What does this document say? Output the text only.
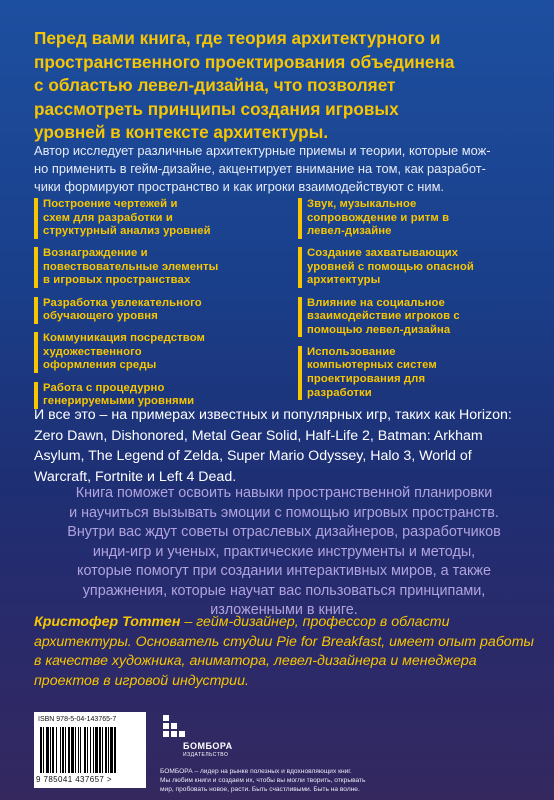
Перед вами книга, где теория архитектурного и
пространственного проектирования объединена
с областью левел-дизайна, что позволяет
рассмотреть принципы создания игровых
уровней в контексте архитектуры.
Автор исследует различные архитектурные приемы и теории, которые мож-
но применить в гейм-дизайне, акцентирует внимание на том, как разработ-
чики формируют пространство и как игроки взаимодействуют с ним.
Построение чертежей и
схем для разработки и
структурный анализ уровней
Вознаграждение и
повествовательные элементы
в игровых пространствах
Разработка увлекательного
обучающего уровня
Коммуникация посредством
художественного
оформления среды
Работа с процедурно
генерируемыми уровнями
Звук, музыкальное
сопровождение и ритм в
левел-дизайне
Создание захватывающих
уровней с помощью опасной
архитектуры
Влияние на социальное
взаимодействие игроков с
помощью левел-дизайна
Использование
компьютерных систем
проектирования для
разработки
И все это – на примерах известных и популярных игр, таких как Horizon:
Zero Dawn, Dishonored, Metal Gear Solid, Half-Life 2, Batman: Arkham
Asylum, The Legend of Zelda, Super Mario Odyssey, Halo 3, World of
Warcraft, Fortnite и Left 4 Dead.
Книга поможет освоить навыки пространственной планировки
и научиться вызывать эмоции с помощью игровых пространств.
Внутри вас ждут советы отраслевых дизайнеров, разработчиков
инди-игр и ученых, практические инструменты и методы,
которые помогут при создании интерактивных миров, а также
упражнения, которые научат вас пользоваться принципами,
изложенными в книге.
Кристофер Тоттен – гейм-дизайнер, профессор в области
архитектуры. Основатель студии Pie for Breakfast, имеет опыт работы
в качестве художника, аниматора, левел-дизайнера и менеджера
проектов в игровой индустрии.
ISBN 978-5-04-143765-7
9 785041 437657 >
БОМБОРА
ИЗДАТЕЛЬСТВО
БОМБОРА – лидер на рынке полезных и вдохновляющих книг.
Мы любим книги и создаем их, чтобы вы могли творить, открывать
мир, пробовать новое, расти. Быть счастливыми. Быть на волне.
